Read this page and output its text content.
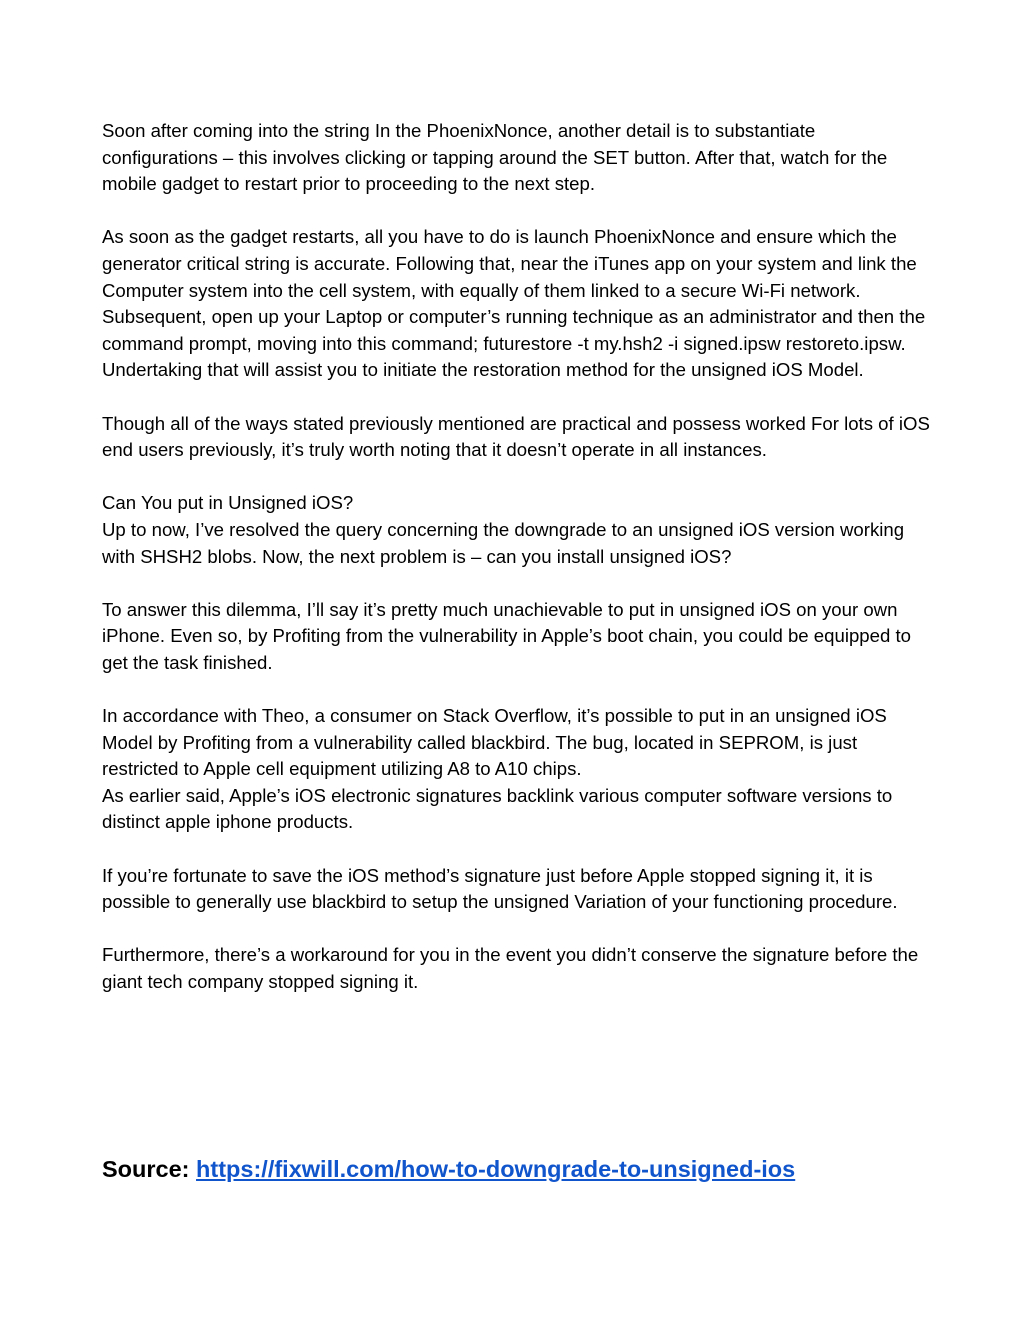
Soon after coming into the string In the PhoenixNonce, another detail is to substantiate configurations – this involves clicking or tapping around the SET button. After that, watch for the mobile gadget to restart prior to proceeding to the next step.

As soon as the gadget restarts, all you have to do is launch PhoenixNonce and ensure which the generator critical string is accurate. Following that, near the iTunes app on your system and link the Computer system into the cell system, with equally of them linked to a secure Wi-Fi network.

Subsequent, open up your Laptop or computer’s running technique as an administrator and then the command prompt, moving into this command; futurestore -t my.hsh2 -i signed.ipsw restoreto.ipsw. Undertaking that will assist you to initiate the restoration method for the unsigned iOS Model.

Though all of the ways stated previously mentioned are practical and possess worked For lots of iOS end users previously, it’s truly worth noting that it doesn’t operate in all instances.

Can You put in Unsigned iOS?

Up to now, I’ve resolved the query concerning the downgrade to an unsigned iOS version working with SHSH2 blobs. Now, the next problem is – can you install unsigned iOS?

To answer this dilemma, I’ll say it’s pretty much unachievable to put in unsigned iOS on your own iPhone. Even so, by Profiting from the vulnerability in Apple’s boot chain, you could be equipped to get the task finished.

In accordance with Theo, a consumer on Stack Overflow, it’s possible to put in an unsigned iOS Model by Profiting from a vulnerability called blackbird. The bug, located in SEPROM, is just restricted to Apple cell equipment utilizing A8 to A10 chips.

As earlier said, Apple’s iOS electronic signatures backlink various computer software versions to distinct apple iphone products.

If you’re fortunate to save the iOS method’s signature just before Apple stopped signing it, it is possible to generally use blackbird to setup the unsigned Variation of your functioning procedure.

Furthermore, there’s a workaround for you in the event you didn’t conserve the signature before the giant tech company stopped signing it.

Source: https://fixwill.com/how-to-downgrade-to-unsigned-ios
